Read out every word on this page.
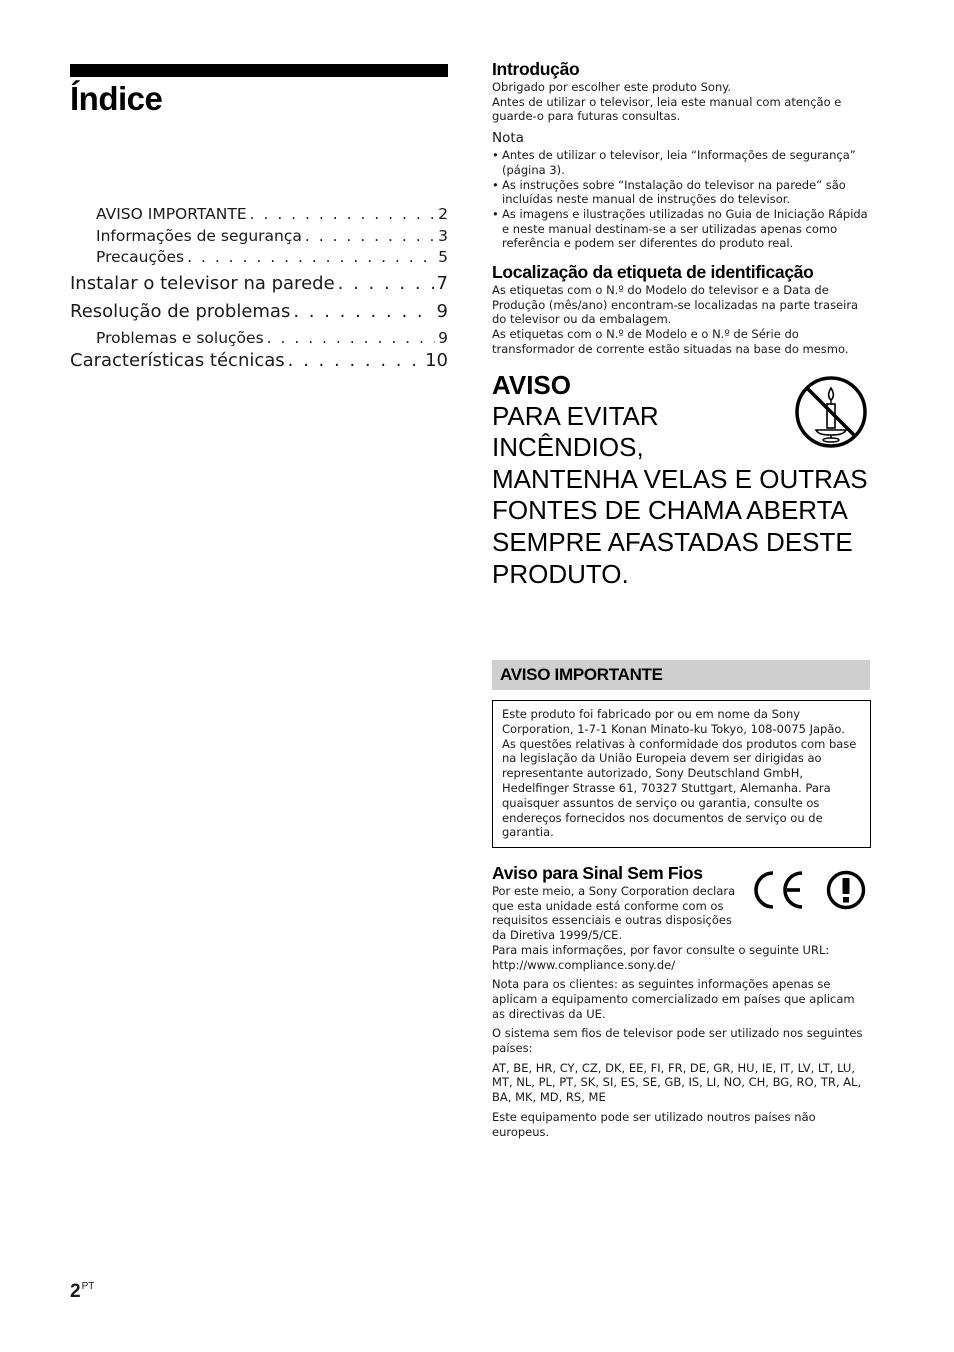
Índice
AVISO IMPORTANTE . . .	2
Informações de segurança . . .	3
Precauções . . .	5
Instalar o televisor na parede . . .	7
Resolução de problemas . . .	9
Problemas e soluções . . .	9
Características técnicas . . .	10
$2^{PT}$
Introdução

Obrigado por escolher este produto Sony.

Antes de utilizar o televisor, leia este manual com atenção e guarde-o para futuras consultas.

Nota
• Antes de utilizar o televisor, leia “Informações de segurança” (página 3).
• As instruções sobre “Instalação do televisor na parede” são incluídas neste manual de instruções do televisor.
• As imagens e ilustrações utilizadas no Guia de Iniciação Rápida e neste manual destinam-se a ser utilizadas apenas como referência e podem ser diferentes do produto real.
Localização da etiqueta de identificação

As etiquetas com o N.º do Modelo do televisor e a Data de Produção (mês/ano) encontram-se localizadas na parte traseira do televisor ou da embalagem.

As etiquetas com o N.º de Modelo e o N.º de Série do transformador de corrente estão situadas na base do mesmo.

AVISO
PARA EVITAR
INCÊNDIOS,
MANTENHA VELAS E OUTRAS
FONTES DE CHAMA ABERTA
SEMPRE AFASTADAS DESTE
PRODUTO.
AVISO IMPORTANTE

Este produto foi fabricado por ou em nome da Sony Corporation, 1-7-1 Konan Minato-ku Tokyo, 108-0075 Japão. As questões relativas à conformidade dos produtos com base na legislação da União Europeia devem ser dirigidas ao representante autorizado, Sony Deutschland GmbH, Hedelfinger Strasse 61, 70327 Stuttgart, Alemanha. Para quaisquer assuntos de serviço ou garantia, consulte os endereços fornecidos nos documentos de serviço ou de garantia.

Aviso para Sinal Sem Fios

Por este meio, a Sony Corporation declara que esta unidade está conforme com os requisitos essenciais e outras disposições da Diretiva 1999/5/CE.

Para mais informações, por favor consulte o seguinte URL:
http://www.compliance.sony.de/

Nota para os clientes: as seguintes informações apenas se aplicam a equipamento comercializado em países que aplicam as directivas da UE.

O sistema sem fios de televisor pode ser utilizado nos seguintes países:

AT, BE, HR, CY, CZ, DK, EE, FI, FR, DE, GR, HU, IE, IT, LV, LT, LU, MT, NL, PL, PT, SK, SI, ES, SE, GB, IS, LI, NO, CH, BG, RO, TR, AL, BA, MK, MD, RS, ME

Este equipamento pode ser utilizado noutros países não europeus.
